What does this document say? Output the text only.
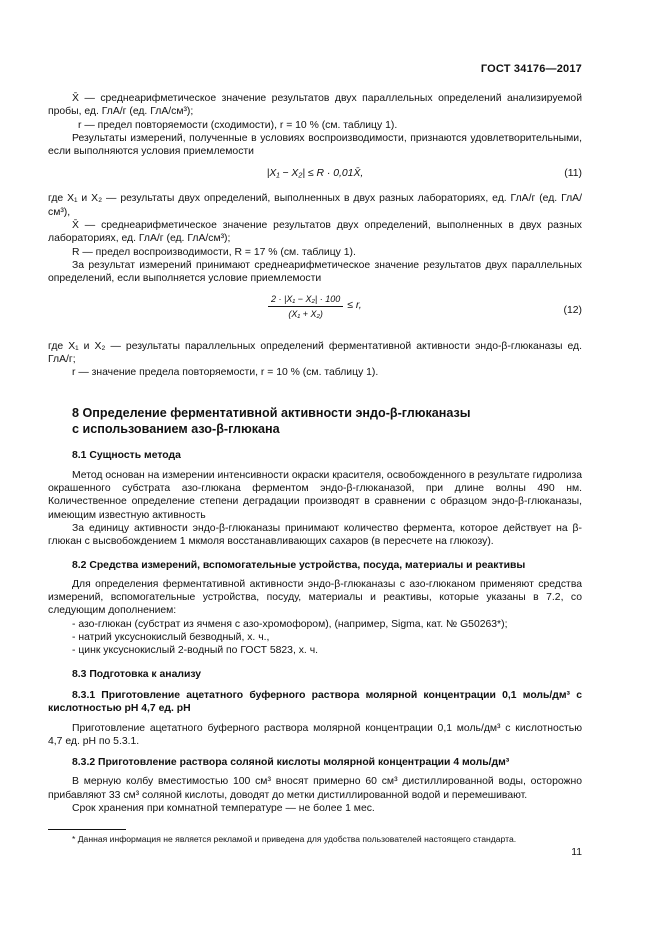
ГОСТ 34176—2017

X̄ — среднеарифметическое значение результатов двух параллельных определений анализируемой пробы, ед. ГлА/г (ед. ГлА/см³);

r — предел повторяемости (сходимости), r = 10 % (см. таблицу 1).

Результаты измерений, полученные в условиях воспроизводимости, признаются удовлетворительными, если выполняются условия приемлемости

|X₁ − X₂| ≤ R · 0,01X̄,	(11)

где X₁ и X₂ — результаты двух определений, выполненных в двух разных лабораториях, ед. ГлА/г (ед. ГлА/см³),

X̄ — среднеарифметическое значение результатов двух определений, выполненных в двух разных лабораториях, ед. ГлА/г (ед. ГлА/см³);

R — предел воспроизводимости, R = 17 % (см. таблицу 1).

За результат измерений принимают среднеарифметическое значение результатов двух параллельных определений, если выполняется условие приемлемости

$\frac{\text{2 · |X₁ − X₂| · 100}}{\text{(X₁ + X₂)}} \le r$,	(12)

где X₁ и X₂ — результаты параллельных определений ферментативной активности эндо-β-глюканазы ед. ГлА/г;

r — значение предела повторяемости, r = 10 % (см. таблицу 1).

8 Определение ферментативной активности эндо-β-глюканазы
с использованием азо-β-глюкана
8.1 Сущность метода

Метод основан на измерении интенсивности окраски красителя, освобожденного в результате гидролиза окрашенного субстрата азо-глюкана ферментом эндо-β-глюканазой, при длине волны 490 нм. Количественное определение степени деградации производят в сравнении с образцом эндо-β-глюканазы, имеющим известную активность

За единицу активности эндо-β-глюканазы принимают количество фермента, которое действует на β-глюкан с высвобождением 1 мкмоля восстанавливающих сахаров (в пересчете на глюкозу).

8.2 Средства измерений, вспомогательные устройства, посуда, материалы и реактивы

Для определения ферментативной активности эндо-β-глюканазы с азо-глюканом применяют средства измерений, вспомогательные устройства, посуду, материалы и реактивы, которые указаны в 7.2, со следующим дополнением:

- азо-глюкан (субстрат из ячменя с азо-хромофором), (например, Sigma, кат. № G50263*);

- натрий уксуснокислый безводный, х. ч.,

- цинк уксуснокислый 2-водный по ГОСТ 5823, х. ч.

8.3 Подготовка к анализу
8.3.1 Приготовление ацетатного буферного раствора молярной концентрации 0,1 моль/дм³ с кислотностью pH 4,7 ед. pH

Приготовление ацетатного буферного раствора молярной концентрации 0,1 моль/дм³ с кислотностью 4,7 ед. pH по 5.3.1.

8.3.2 Приготовление раствора соляной кислоты молярной концентрации 4 моль/дм³

В мерную колбу вместимостью 100 см³ вносят примерно 60 см³ дистиллированной воды, осторожно прибавляют 33 см³ соляной кислоты, доводят до метки дистиллированной водой и перемешивают.

Срок хранения при комнатной температуре — не более 1 мес.

* Данная информация не является рекламой и приведена для удобства пользователей настоящего стандарта.

11
